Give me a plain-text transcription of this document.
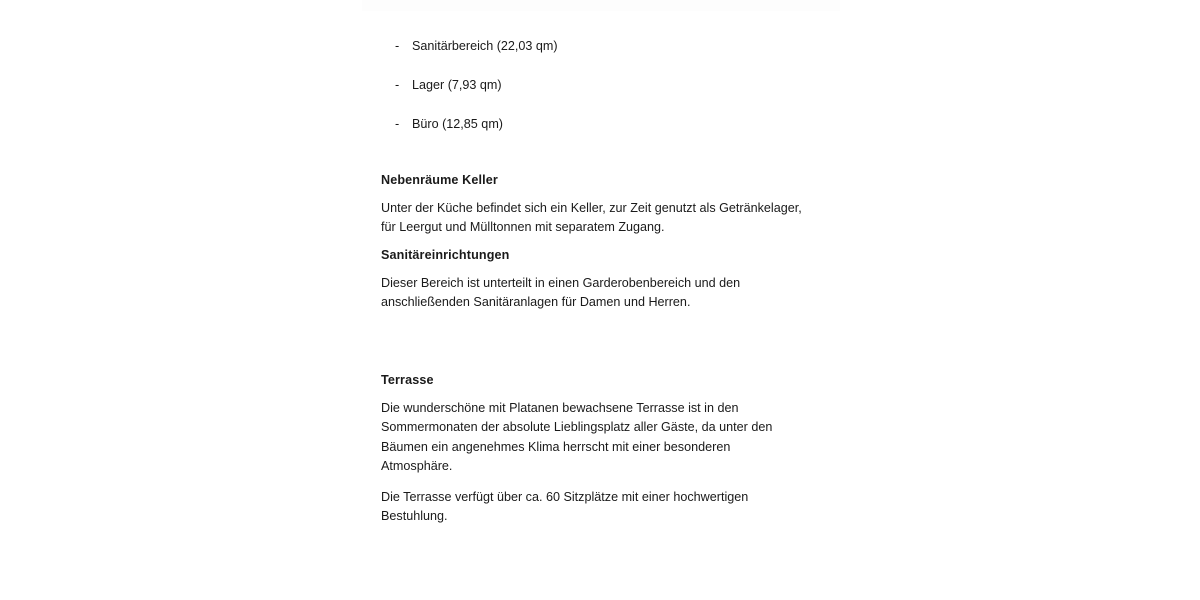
- Sanitärbereich (22,03 qm)
- Lager (7,93 qm)
- Büro (12,85 qm)
Nebenräume Keller

Unter der Küche befindet sich ein Keller, zur Zeit genutzt als Getränkelager, für Leergut und Mülltonnen mit separatem Zugang.

Sanitäreinrichtungen

Dieser Bereich ist unterteilt in einen Garderobenbereich und den anschließenden Sanitäranlagen für Damen und Herren.

Terrasse

Die wunderschöne mit Platanen bewachsene Terrasse ist in den Sommermonaten der absolute Lieblingsplatz aller Gäste, da unter den Bäumen ein angenehmes Klima herrscht mit einer besonderen Atmosphäre.

Die Terrasse verfügt über ca. 60 Sitzplätze mit einer hochwertigen Bestuhlung.
